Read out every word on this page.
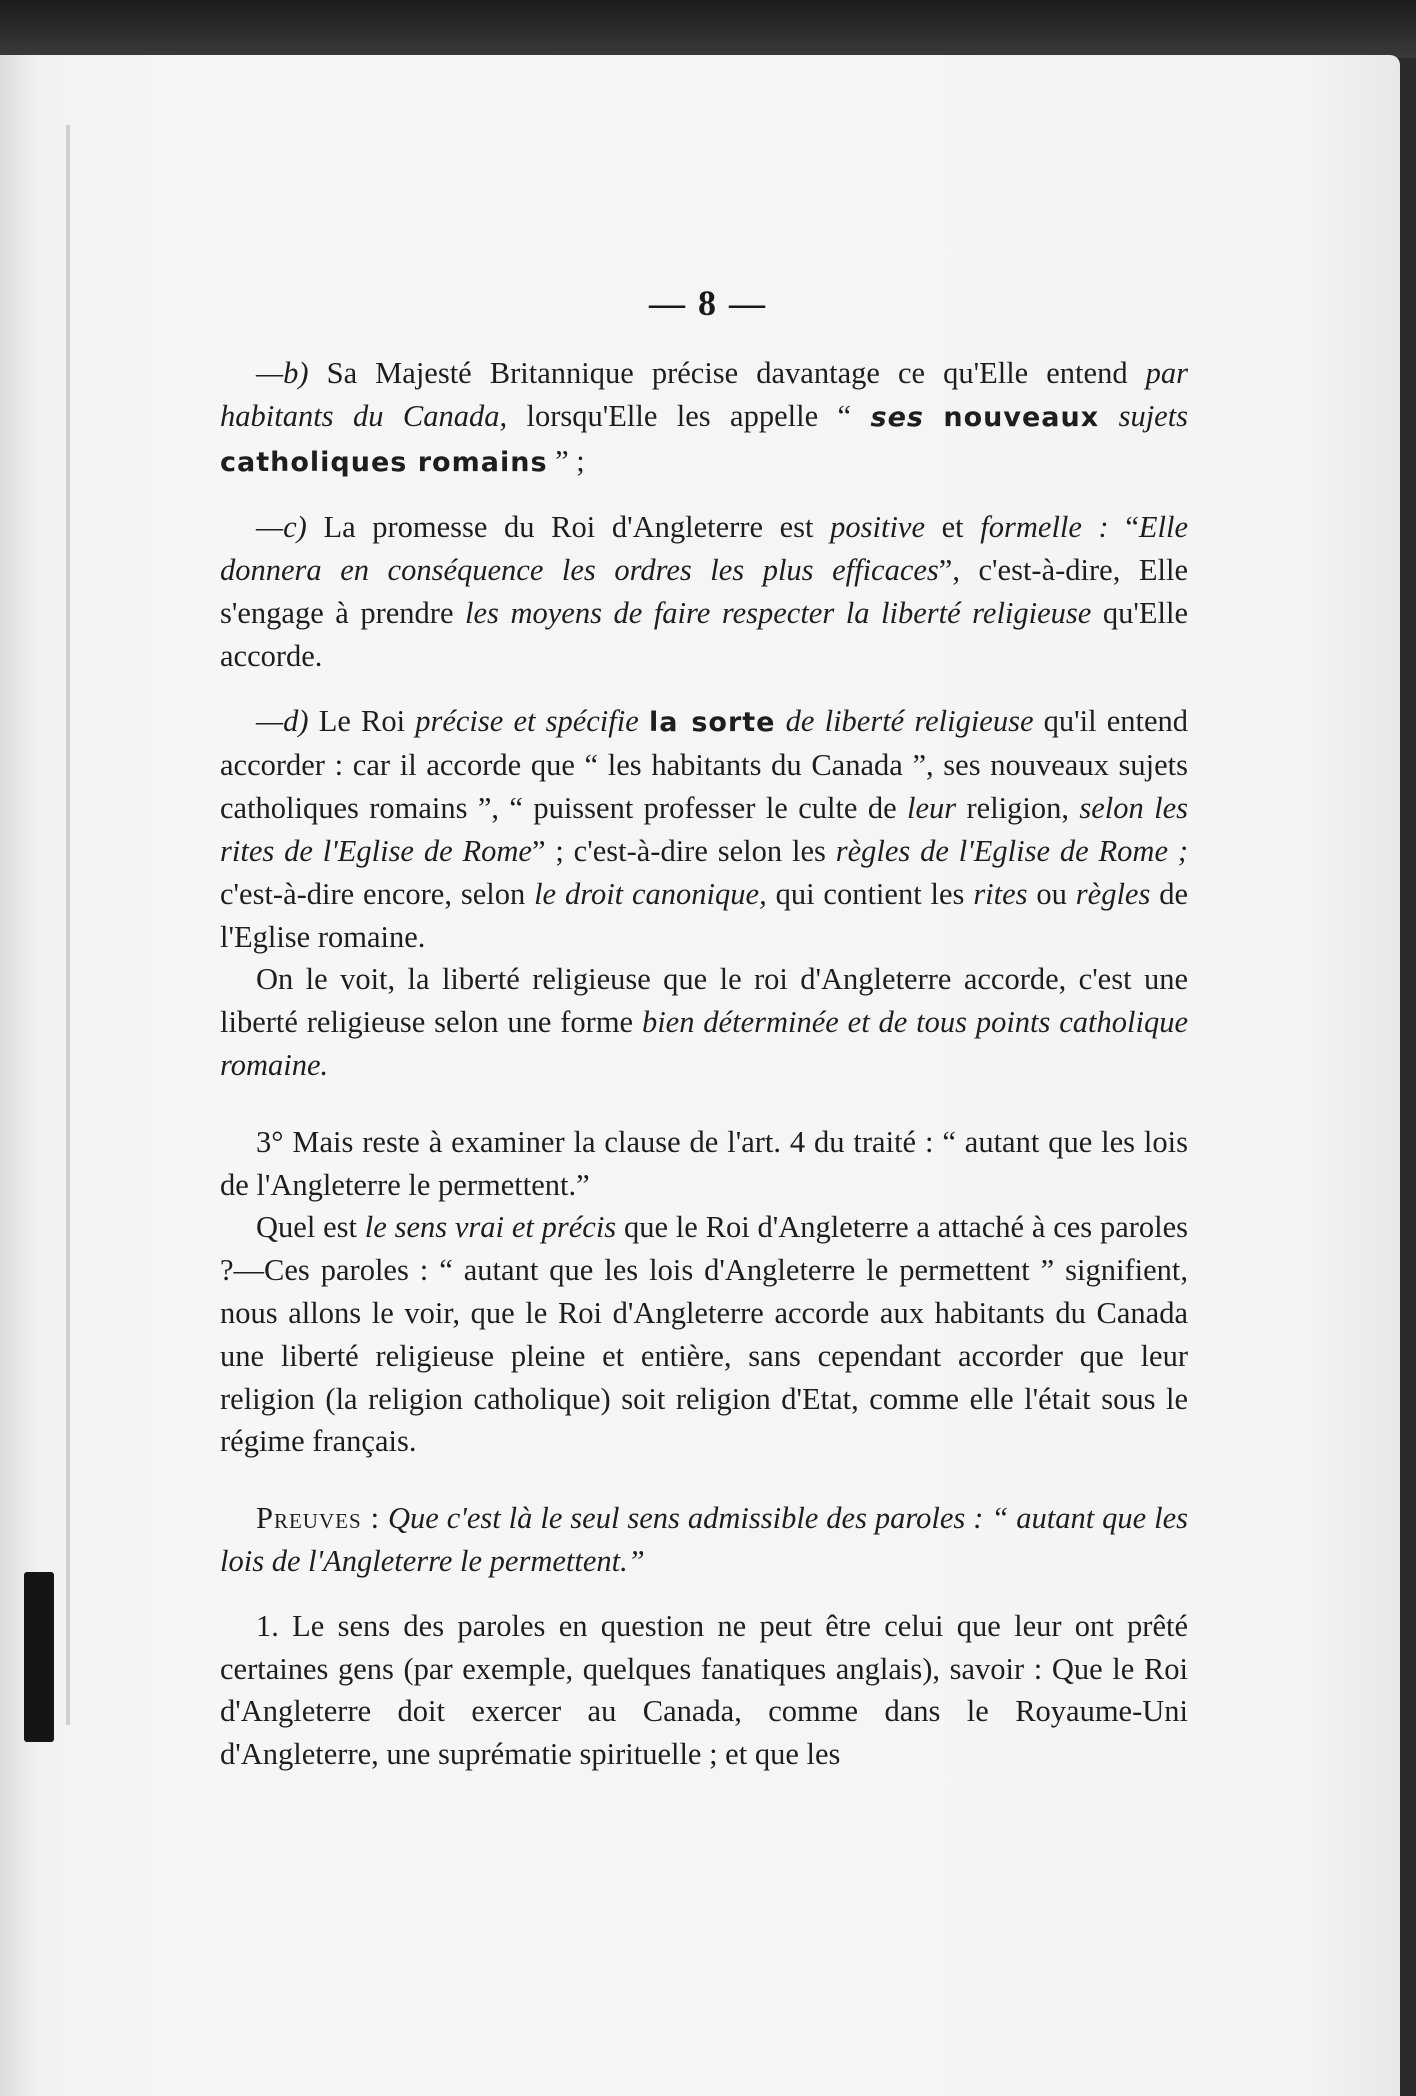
— 8 —

—b) Sa Majesté Britannique précise davantage ce qu'Elle entend par habitants du Canada, lorsqu'Elle les appelle “ ses nouveaux sujets catholiques romains ” ;

—c) La promesse du Roi d'Angleterre est positive et formelle : “Elle donnera en conséquence les ordres les plus efficaces”, c'est-à-dire, Elle s'engage à prendre les moyens de faire respecter la liberté religieuse qu'Elle accorde.

—d) Le Roi précise et spécifie la sorte de liberté religieuse qu'il entend accorder : car il accorde que “ les habitants du Canada ”, ses nouveaux sujets catholiques romains ”, “ puissent professer le culte de leur religion, selon les rites de l'Eglise de Rome” ; c'est-à-dire selon les règles de l'Eglise de Rome ; c'est-à-dire encore, selon le droit canonique, qui contient les rites ou règles de l'Eglise romaine.

On le voit, la liberté religieuse que le roi d'Angleterre accorde, c'est une liberté religieuse selon une forme bien déterminée et de tous points catholique romaine.

3° Mais reste à examiner la clause de l'art. 4 du traité : “ autant que les lois de l'Angleterre le permettent.”

Quel est le sens vrai et précis que le Roi d'Angleterre a attaché à ces paroles ?—Ces paroles : “ autant que les lois d'Angleterre le permettent ” signifient, nous allons le voir, que le Roi d'Angleterre accorde aux habitants du Canada une liberté religieuse pleine et entière, sans cependant accorder que leur religion (la religion catholique) soit religion d'Etat, comme elle l'était sous le régime français.

Preuves : Que c'est là le seul sens admissible des paroles : “ autant que les lois de l'Angleterre le permettent.”

1. Le sens des paroles en question ne peut être celui que leur ont prêté certaines gens (par exemple, quelques fanatiques anglais), savoir : Que le Roi d'Angleterre doit exercer au Canada, comme dans le Royaume-Uni d'Angleterre, une suprématie spirituelle ; et que les
